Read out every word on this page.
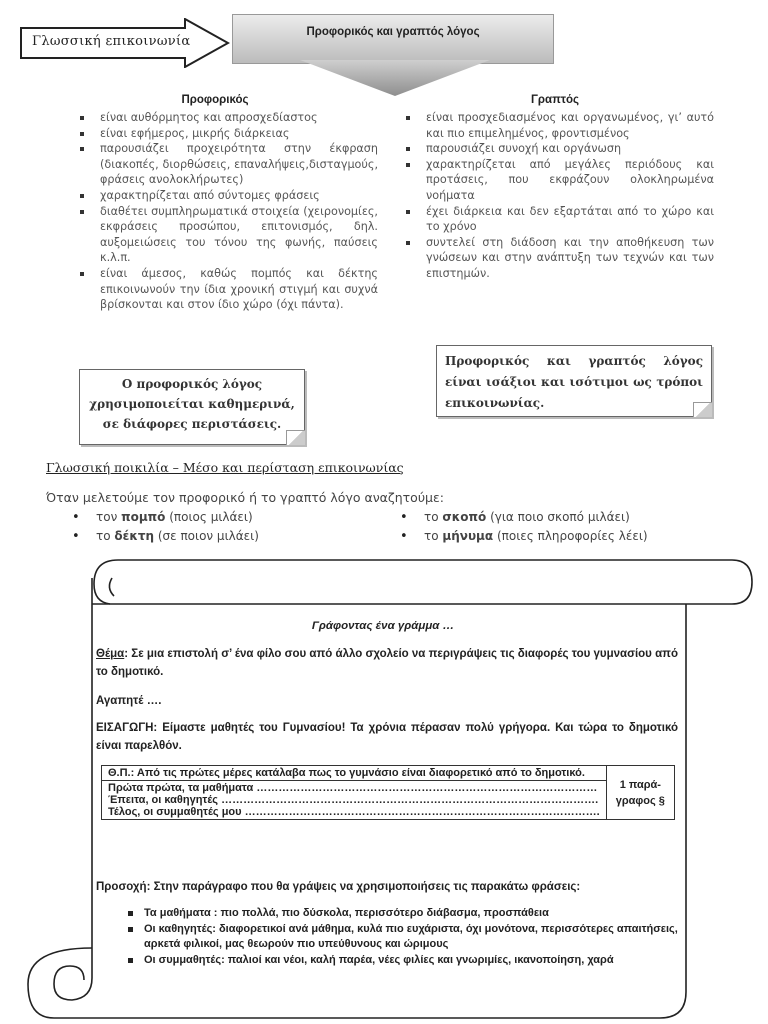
Γλωσσική επικοινωνία
Προφορικός και γραπτός λόγος
Προφορικός	Γραπτός
είναι αυθόρμητος και απροσχεδίαστος
είναι εφήμερος, μικρής διάρκειας
παρουσιάζει προχειρότητα στην έκφραση (διακοπές, διορθώσεις, επαναλήψεις,δισταγμούς, φράσεις ανολοκλήρωτες)
χαρακτηρίζεται από σύντομες φράσεις
διαθέτει συμπληρωματικά στοιχεία (χειρονομίες, εκφράσεις προσώπου, επιτονισμός, δηλ. αυξομειώσεις του τόνου της φωνής, παύσεις κ.λ.π.
είναι άμεσος, καθώς πομπός και δέκτης επικοινωνούν την ίδια χρονική στιγμή και συχνά βρίσκονται και στον ίδιο χώρο (όχι πάντα).
είναι προσχεδιασμένος και οργανωμένος, γι’ αυτό και πιο επιμελημένος, φροντισμένος
παρουσιάζει συνοχή και οργάνωση
χαρακτηρίζεται από μεγάλες περιόδους και προτάσεις, που εκφράζουν ολοκληρωμένα νοήματα
έχει διάρκεια και δεν εξαρτάται από το χώρο και το χρόνο
συντελεί στη διάδοση και την αποθήκευση των γνώσεων και στην ανάπτυξη των τεχνών και των επιστημών.
Ο προφορικός λόγος χρησιμοποιείται καθημερινά, σε διάφορες περιστάσεις.
Προφορικός και γραπτός λόγος είναι ισάξιοι και ισότιμοι ως τρόποι επικοινωνίας.
Γλωσσική ποικιλία – Μέσο και περίσταση επικοινωνίας
Όταν μελετούμε τον προφορικό ή το γραπτό λόγο αναζητούμε:
• τον πομπό (ποιος μιλάει)
• το δέκτη (σε ποιον μιλάει)
• το σκοπό (για ποιο σκοπό μιλάει)
• το μήνυμα (ποιες πληροφορίες λέει)
Γράφοντας ένα γράμμα …
Θέμα: Σε μια επιστολή σ’ ένα φίλο σου από άλλο σχολείο να περιγράψεις τις διαφορές του γυμνασίου από το δημοτικό.
Αγαπητέ ….
ΕΙΣΑΓΩΓΗ: Είμαστε μαθητές του Γυμνασίου! Τα χρόνια πέρασαν πολύ γρήγορα. Και τώρα το δημοτικό είναι παρελθόν.
Θ.Π.: Από τις πρώτες μέρες κατάλαβα πως το γυμνάσιο είναι διαφορετικό από το δημοτικό.	1 παρά-γραφος §

Πρώτα πρώτα, τα μαθήματα …………………………………………………………………………………
Έπειτα, οι καθηγητές ………………………………………………………………………………………….
Τέλος, οι συμμαθητές μου …………………………………………………………………………………….
Προσοχή: Στην παράγραφο που θα γράψεις να χρησιμοποιήσεις τις παρακάτω φράσεις:
Τα μαθήματα : πιο πολλά, πιο δύσκολα, περισσότερο διάβασμα, προσπάθεια
Οι καθηγητές: διαφορετικοί ανά μάθημα, κυλά πιο ευχάριστα, όχι μονότονα, περισσότερες απαιτήσεις, αρκετά φιλικοί, μας θεωρούν πιο υπεύθυνους και ώριμους
Οι συμμαθητές: παλιοί και νέοι, καλή παρέα, νέες φιλίες και γνωριμίες, ικανοποίηση, χαρά
